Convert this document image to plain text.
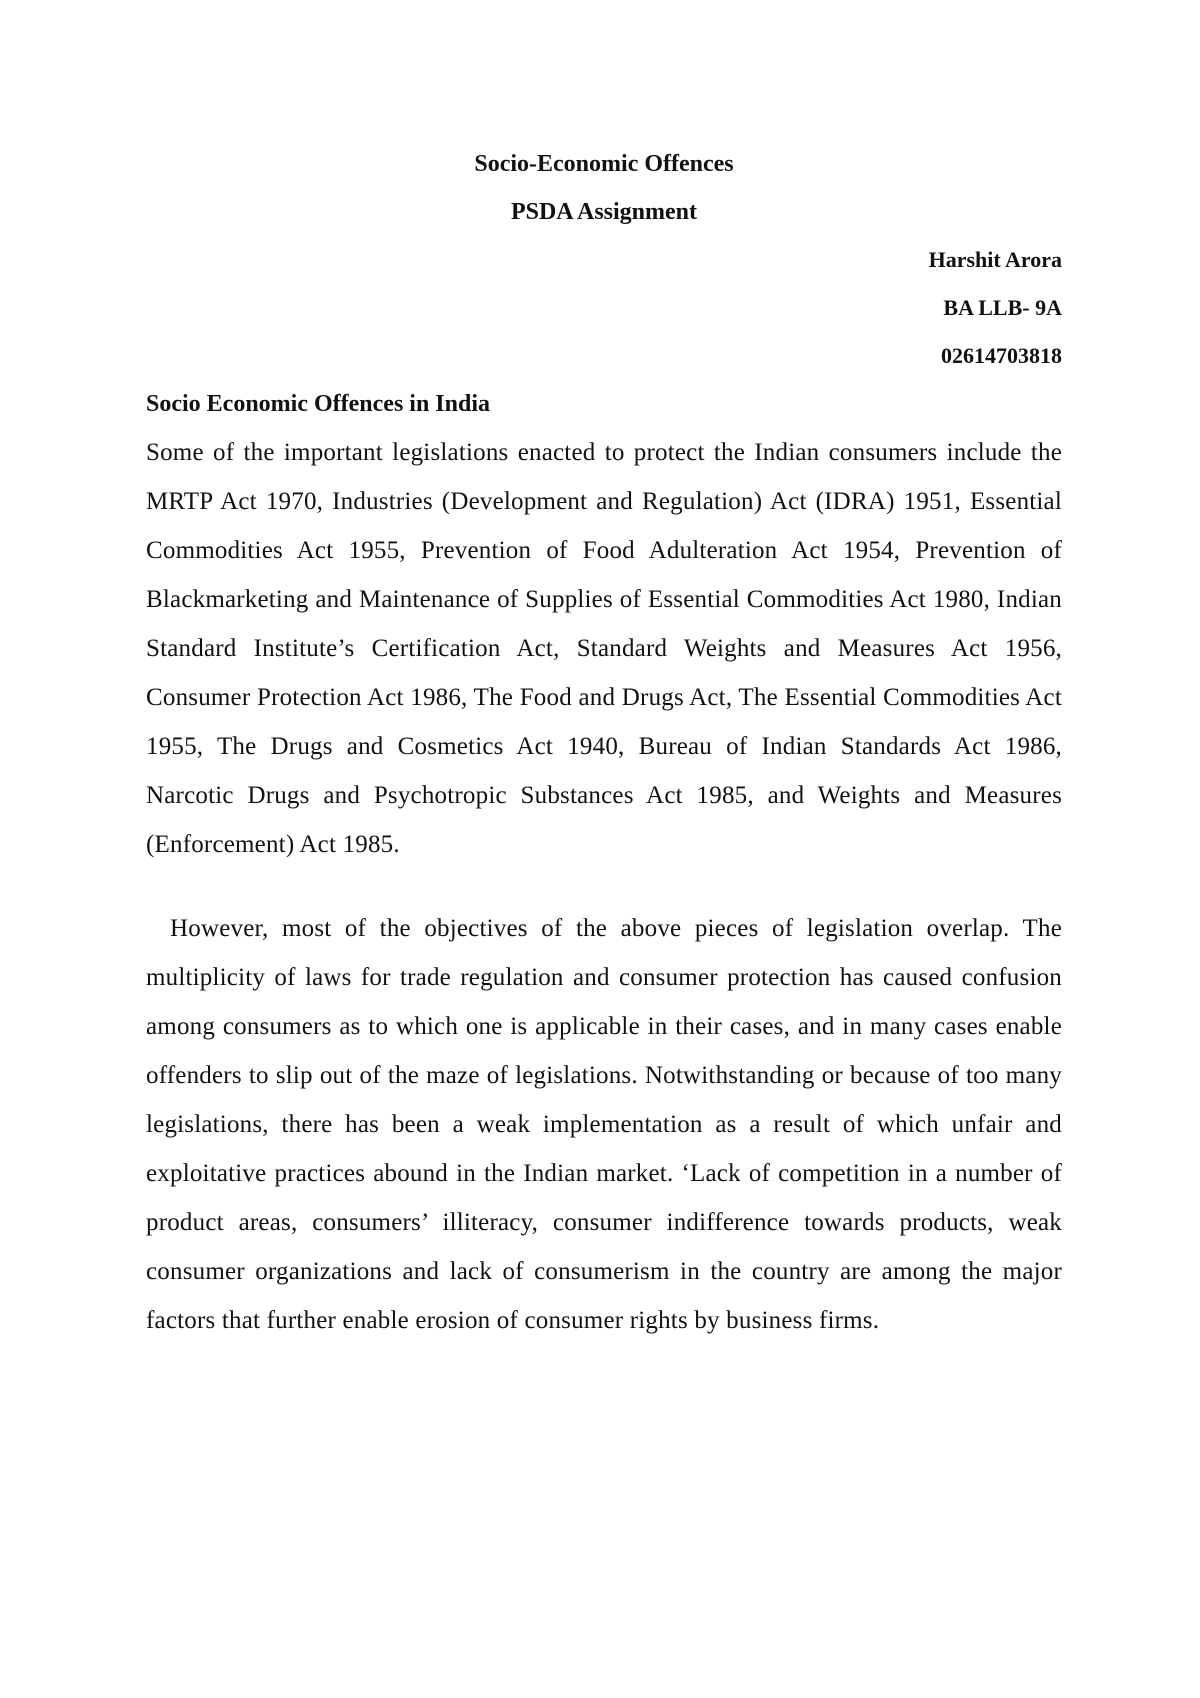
Socio-Economic Offences

PSDA Assignment

Harshit Arora
BA LLB- 9A
02614703818

Socio Economic Offences in India

Some of the important legislations enacted to protect the Indian consumers include the MRTP Act 1970, Industries (Development and Regulation) Act (IDRA) 1951, Essential Commodities Act 1955, Prevention of Food Adulteration Act 1954, Prevention of Blackmarketing and Maintenance of Supplies of Essential Commodities Act 1980, Indian Standard Institute’s Certification Act, Standard Weights and Measures Act 1956, Consumer Protection Act 1986, The Food and Drugs Act, The Essential Commodities Act 1955, The Drugs and Cosmetics Act 1940, Bureau of Indian Standards Act 1986, Narcotic Drugs and Psychotropic Substances Act 1985, and Weights and Measures (Enforcement) Act 1985.

However, most of the objectives of the above pieces of legislation overlap. The multiplicity of laws for trade regulation and consumer protection has caused confusion among consumers as to which one is applicable in their cases, and in many cases enable offenders to slip out of the maze of legislations. Notwithstanding or because of too many legislations, there has been a weak implementation as a result of which unfair and exploitative practices abound in the Indian market. ‘Lack of competition in a number of product areas, consumers’ illiteracy, consumer indifference towards products, weak consumer organizations and lack of consumerism in the country are among the major factors that further enable erosion of consumer rights by business firms.
